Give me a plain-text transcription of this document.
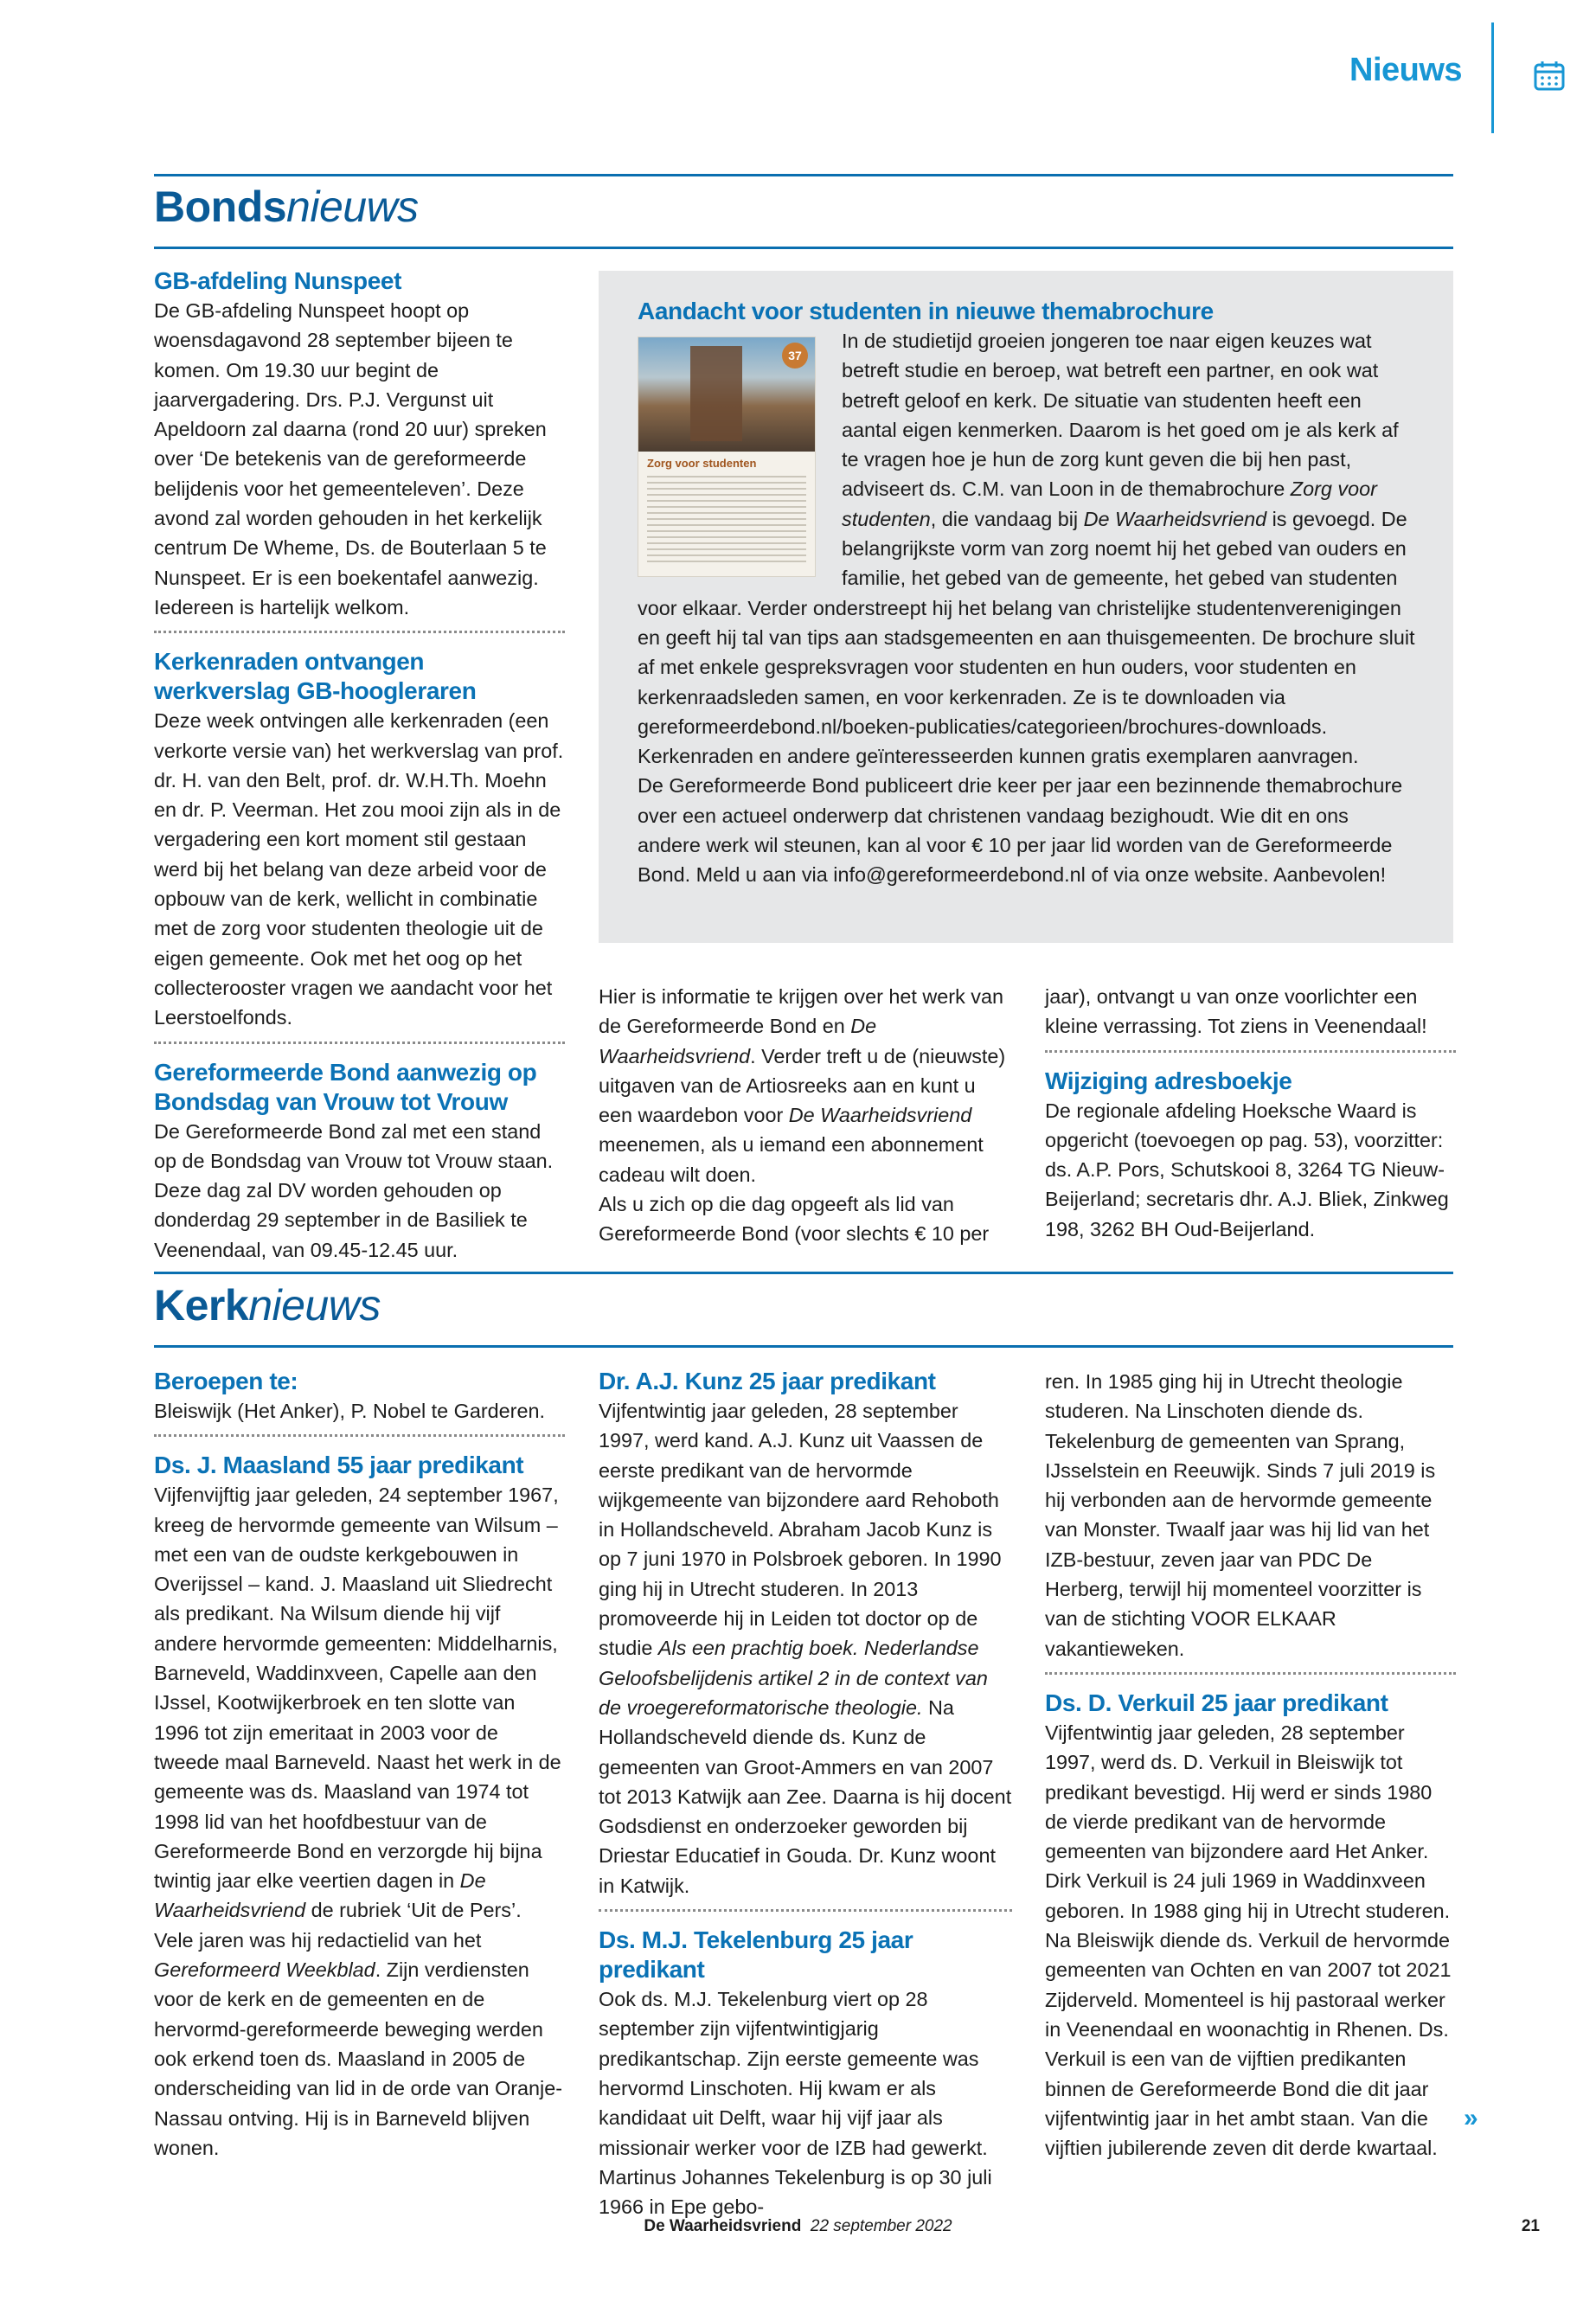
Nieuws
Bondsnieuws
GB-afdeling Nunspeet

De GB-afdeling Nunspeet hoopt op woensdagavond 28 september bijeen te komen. Om 19.30 uur begint de jaarvergadering. Drs. P.J. Vergunst uit Apeldoorn zal daarna (rond 20 uur) spreken over ‘De betekenis van de gereformeerde belijdenis voor het gemeenteleven’. Deze avond zal worden gehouden in het kerkelijk centrum De Wheme, Ds. de Bouterlaan 5 te Nunspeet. Er is een boekentafel aanwezig. Iedereen is hartelijk welkom.

Kerkenraden ontvangen werkverslag GB-hoogleraren

Deze week ontvingen alle kerkenraden (een verkorte versie van) het werkverslag van prof. dr. H. van den Belt, prof. dr. W.H.Th. Moehn en dr. P. Veerman. Het zou mooi zijn als in de vergadering een kort moment stil gestaan werd bij het belang van deze arbeid voor de opbouw van de kerk, wellicht in combinatie met de zorg voor studenten theologie uit de eigen gemeente. Ook met het oog op het collecterooster vragen we aandacht voor het Leerstoelfonds.

Gereformeerde Bond aanwezig op Bondsdag van Vrouw tot Vrouw

De Gereformeerde Bond zal met een stand op de Bondsdag van Vrouw tot Vrouw staan. Deze dag zal DV worden gehouden op donderdag 29 september in de Basiliek te Veenendaal, van 09.45-12.45 uur.

Aandacht voor studenten in nieuwe themabrochure
37
Zorg voor studenten

In de studietijd groeien jongeren toe naar eigen keuzes wat betreft studie en beroep, wat betreft een partner, en ook wat betreft geloof en kerk. De situatie van studenten heeft een aantal eigen kenmerken. Daarom is het goed om je als kerk af te vragen hoe je hun de zorg kunt geven die bij hen past, adviseert ds. C.M. van Loon in de themabrochure Zorg voor studenten, die vandaag bij De Waarheidsvriend is gevoegd. De belangrijkste vorm van zorg noemt hij het gebed van ouders en familie, het gebed van de gemeente, het gebed van studenten voor elkaar. Verder onderstreept hij het belang van christelijke studentenverenigingen en geeft hij tal van tips aan stadsgemeenten en aan thuisgemeenten. De brochure sluit af met enkele gespreksvragen voor studenten en hun ouders, voor studenten en kerkenraadsleden samen, en voor kerkenraden. Ze is te downloaden via gereformeerdebond.nl/boeken-publicaties/categorieen/brochures-downloads. Kerkenraden en andere geïnteresseerden kunnen gratis exemplaren aanvragen.

De Gereformeerde Bond publiceert drie keer per jaar een bezinnende themabrochure over een actueel onderwerp dat christenen vandaag bezighoudt. Wie dit en ons andere werk wil steunen, kan al voor € 10 per jaar lid worden van de Gereformeerde Bond. Meld u aan via info@gereformeerdebond.nl of via onze website. Aanbevolen!

Hier is informatie te krijgen over het werk van de Gereformeerde Bond en De Waarheidsvriend. Verder treft u de (nieuwste) uitgaven van de Artiosreeks aan en kunt u een waardebon voor De Waarheidsvriend meenemen, als u iemand een abonnement cadeau wilt doen.

Als u zich op die dag opgeeft als lid van Gereformeerde Bond (voor slechts € 10 per

jaar), ontvangt u van onze voorlichter een kleine verrassing. Tot ziens in Veenendaal!

Wijziging adresboekje

De regionale afdeling Hoeksche Waard is opgericht (toevoegen op pag. 53), voorzitter: ds. A.P. Pors, Schutskooi 8, 3264 TG Nieuw-Beijerland; secretaris dhr. A.J. Bliek, Zinkweg 198, 3262 BH Oud-Beijerland.

Kerknieuws
Beroepen te:

Bleiswijk (Het Anker), P. Nobel te Garderen.

Ds. J. Maasland 55 jaar predikant

Vijfenvijftig jaar geleden, 24 september 1967, kreeg de hervormde gemeente van Wilsum – met een van de oudste kerkgebouwen in Overijssel – kand. J. Maasland uit Sliedrecht als predikant. Na Wilsum diende hij vijf andere hervormde gemeenten: Middelharnis, Barneveld, Waddinxveen, Capelle aan den IJssel, Kootwijkerbroek en ten slotte van 1996 tot zijn emeritaat in 2003 voor de tweede maal Barneveld. Naast het werk in de gemeente was ds. Maasland van 1974 tot 1998 lid van het hoofdbestuur van de Gereformeerde Bond en verzorgde hij bijna twintig jaar elke veertien dagen in De Waarheidsvriend de rubriek ‘Uit de Pers’. Vele jaren was hij redactielid van het Gereformeerd Weekblad. Zijn verdiensten voor de kerk en de gemeenten en de hervormd-gereformeerde beweging werden ook erkend toen ds. Maasland in 2005 de onderscheiding van lid in de orde van Oranje-Nassau ontving. Hij is in Barneveld blijven wonen.

Dr. A.J. Kunz 25 jaar predikant

Vijfentwintig jaar geleden, 28 september 1997, werd kand. A.J. Kunz uit Vaassen de eerste predikant van de hervormde wijkgemeente van bijzondere aard Rehoboth in Hollandscheveld. Abraham Jacob Kunz is op 7 juni 1970 in Polsbroek geboren. In 1990 ging hij in Utrecht studeren. In 2013 promoveerde hij in Leiden tot doctor op de studie Als een prachtig boek. Nederlandse Geloofsbelijdenis artikel 2 in de context van de vroegereformatorische theologie. Na Hollandscheveld diende ds. Kunz de gemeenten van Groot-Ammers en van 2007 tot 2013 Katwijk aan Zee. Daarna is hij docent Godsdienst en onderzoeker geworden bij Driestar Educatief in Gouda. Dr. Kunz woont in Katwijk.

Ds. M.J. Tekelenburg 25 jaar predikant

Ook ds. M.J. Tekelenburg viert op 28 september zijn vijfentwintigjarig predikantschap. Zijn eerste gemeente was hervormd Linschoten. Hij kwam er als kandidaat uit Delft, waar hij vijf jaar als missionair werker voor de IZB had gewerkt. Martinus Johannes Tekelenburg is op 30 juli 1966 in Epe gebo-

ren. In 1985 ging hij in Utrecht theologie studeren. Na Linschoten diende ds. Tekelenburg de gemeenten van Sprang, IJsselstein en Reeuwijk. Sinds 7 juli 2019 is hij verbonden aan de hervormde gemeente van Monster. Twaalf jaar was hij lid van het IZB-bestuur, zeven jaar van PDC De Herberg, terwijl hij momenteel voorzitter is van de stichting VOOR ELKAAR vakantieweken.

Ds. D. Verkuil 25 jaar predikant

Vijfentwintig jaar geleden, 28 september 1997, werd ds. D. Verkuil in Bleiswijk tot predikant bevestigd. Hij werd er sinds 1980 de vierde predikant van de hervormde gemeenten van bijzondere aard Het Anker. Dirk Verkuil is 24 juli 1969 in Waddinxveen geboren. In 1988 ging hij in Utrecht studeren. Na Bleiswijk diende ds. Verkuil de hervormde gemeenten van Ochten en van 2007 tot 2021 Zijderveld. Momenteel is hij pastoraal werker in Veenendaal en woonachtig in Rhenen. Ds. Verkuil is een van de vijftien predikanten binnen de Gereformeerde Bond die dit jaar vijfentwintig jaar in het ambt staan. Van die vijftien jubilerende zeven dit derde kwartaal.

»
De Waarheidsvriend 22 september 2022	21
